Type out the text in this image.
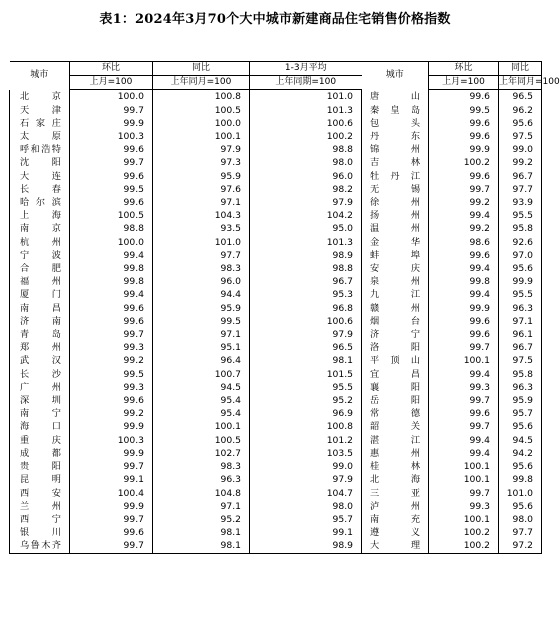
表1：2024年3月70个大中城市新建商品住宅销售价格指数
城市	环比	同比	1-3月平均	城市	环比	同比	
	上月=100	上年同月=100	上年同期=100		上月=100	上年同月=100	
北京	100.0	100.8	101.0	唐山	99.6	96.5	
天津	99.7	100.5	101.3	秦皇岛	99.5	96.2	
石家庄	99.9	100.0	100.6	包头	99.6	95.6	
太原	100.3	100.1	100.2	丹东	99.6	97.5	
呼和浩特	99.6	97.9	98.8	锦州	99.9	99.0	
沈阳	99.7	97.3	98.0	吉林	100.2	99.2	
大连	99.6	95.9	96.0	牡丹江	99.6	96.7	
长春	99.5	97.6	98.2	无锡	99.7	97.7	
哈尔滨	99.6	97.1	97.9	徐州	99.2	93.9	
上海	100.5	104.3	104.2	扬州	99.4	95.5	
南京	98.8	93.5	95.0	温州	99.2	95.8	
杭州	100.0	101.0	101.3	金华	98.6	92.6	
宁波	99.4	97.7	98.9	蚌埠	99.6	97.0	
合肥	99.8	98.3	98.8	安庆	99.4	95.6	
福州	99.8	96.0	96.7	泉州	99.8	99.9	
厦门	99.4	94.4	95.3	九江	99.4	95.5	
南昌	99.6	95.9	96.8	赣州	99.9	96.3	
济南	99.6	99.5	100.6	烟台	99.6	97.1	
青岛	99.7	97.1	97.9	济宁	99.6	96.1	
郑州	99.3	95.1	96.5	洛阳	99.7	96.7	
武汉	99.2	96.4	98.1	平顶山	100.1	97.5	
长沙	99.5	100.7	101.5	宜昌	99.4	95.8	
广州	99.3	94.5	95.5	襄阳	99.3	96.3	
深圳	99.6	95.4	95.2	岳阳	99.7	95.9	
南宁	99.2	95.4	96.9	常德	99.6	95.7	
海口	99.9	100.1	100.8	韶关	99.7	95.6	
重庆	100.3	100.5	101.2	湛江	99.4	94.5	
成都	99.9	102.7	103.5	惠州	99.4	94.2	
贵阳	99.7	98.3	99.0	桂林	100.1	95.6	
昆明	99.1	96.3	97.9	北海	100.1	99.8	
西安	100.4	104.8	104.7	三亚	99.7	101.0	
兰州	99.9	97.1	98.0	泸州	99.3	95.6	
西宁	99.7	95.2	95.7	南充	100.1	98.0	
银川	99.6	98.1	99.1	遵义	100.2	97.7	
乌鲁木齐	99.7	98.1	98.9	大理	100.2	97.2	
